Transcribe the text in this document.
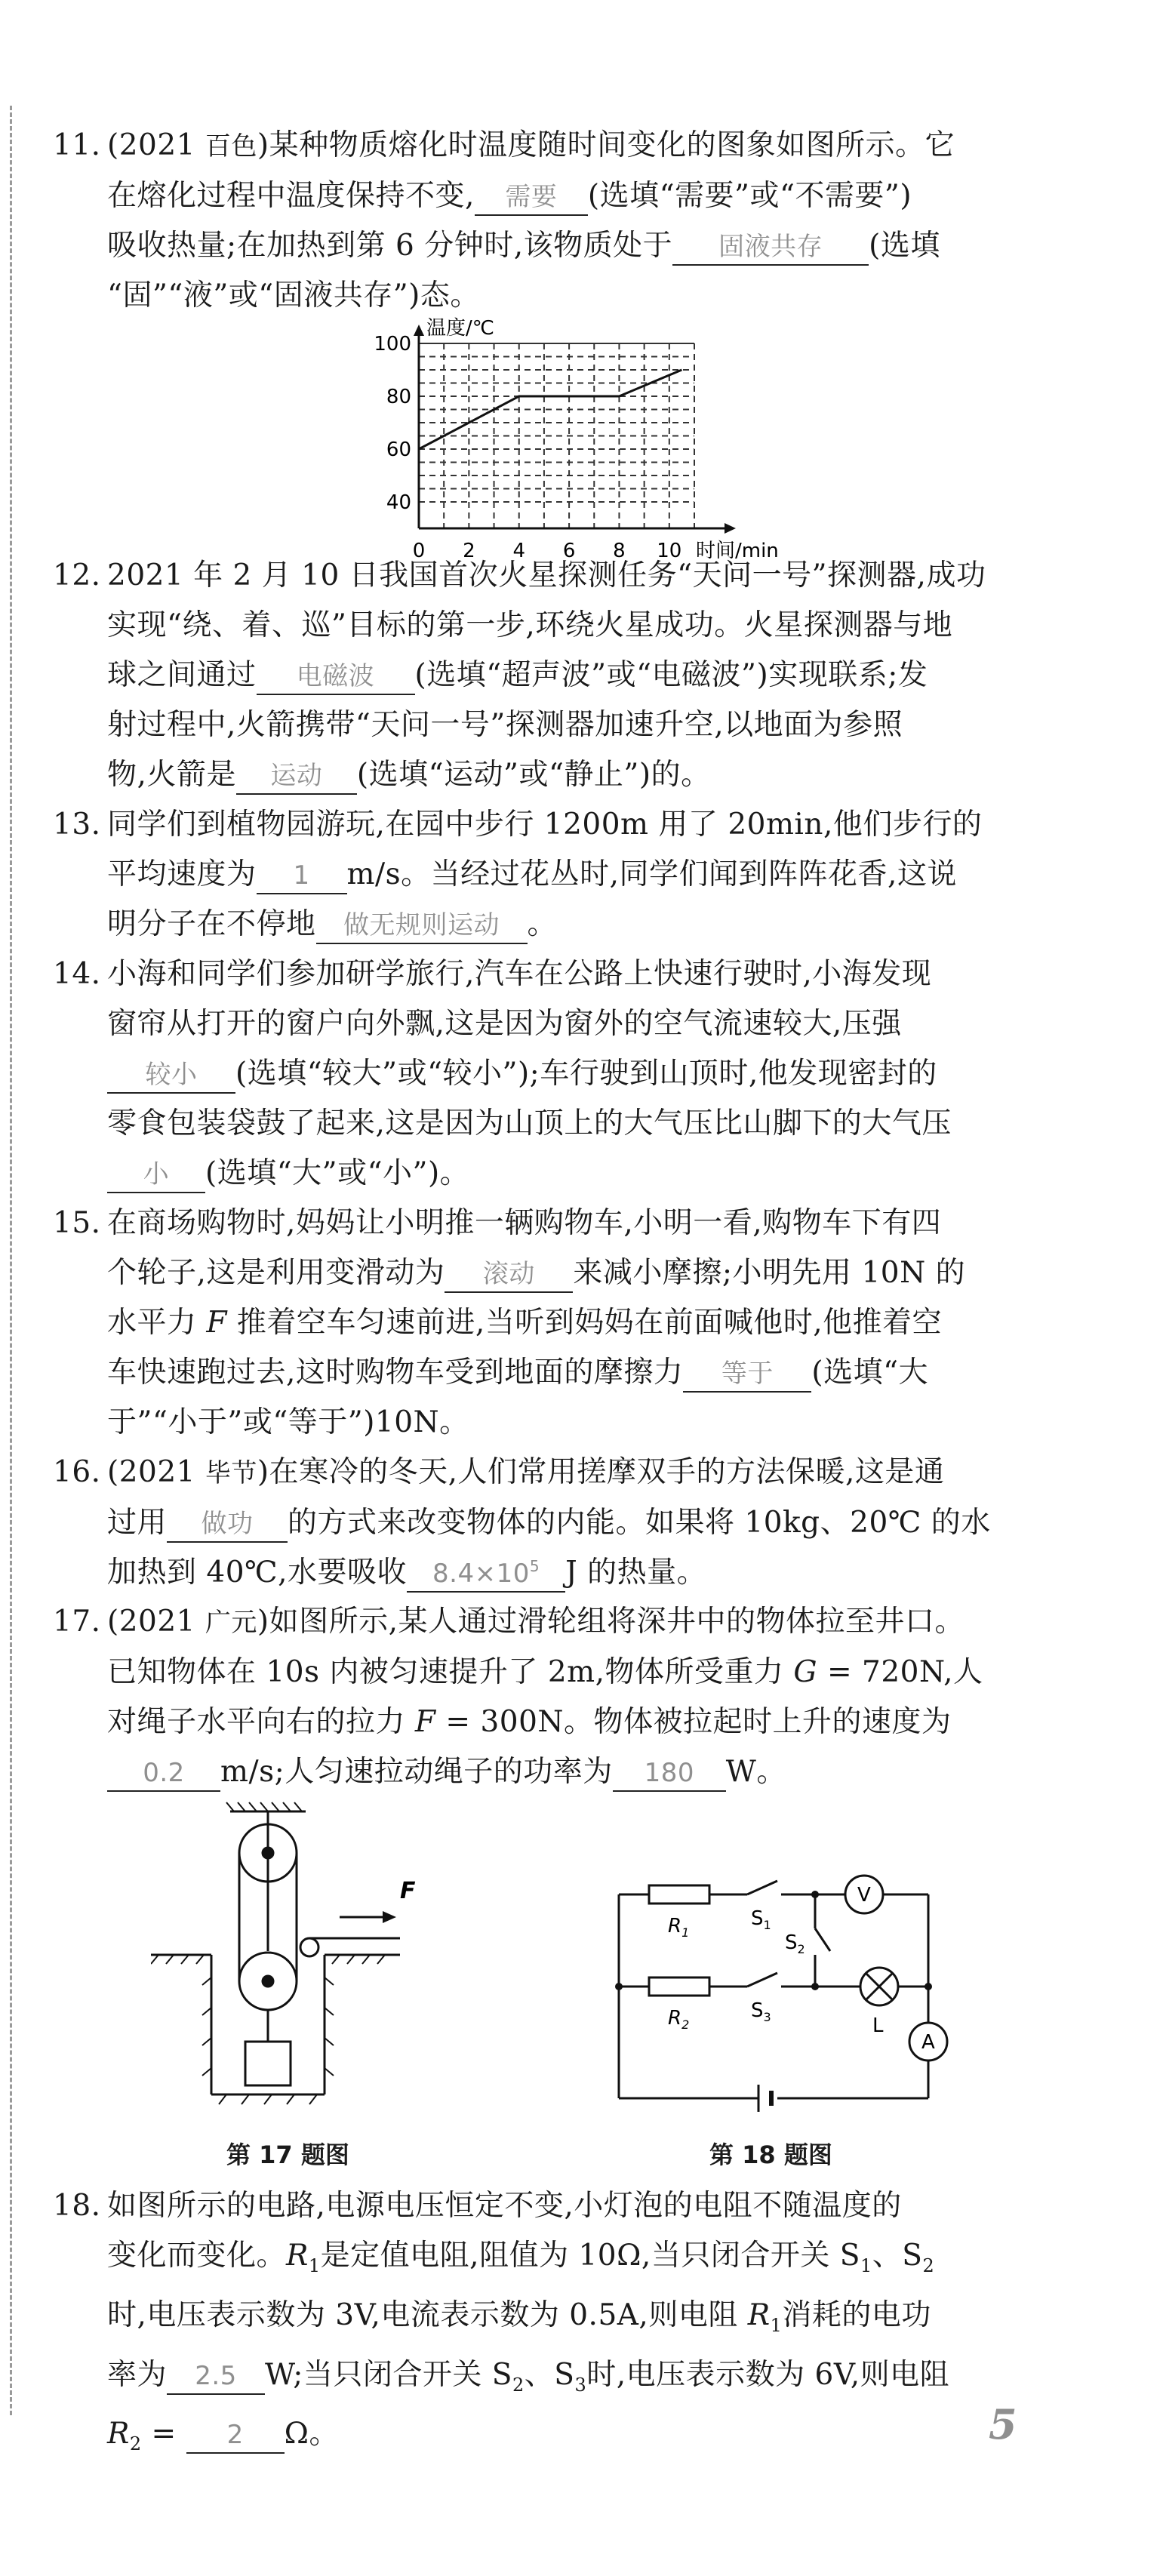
11. (2021 百色)某种物质熔化时温度随时间变化的图象如图所示。它
在熔化过程中温度保持不变, 需要 (选填“需要”或“不需要”)
吸收热量;在加热到第 6 分钟时,该物质处于 固液共存 (选填
“固”“液”或“固液共存”)态。
0 2 4 6 8 10
40
60
80
100
温度/℃
时间/min
12. 2021 年 2 月 10 日我国首次火星探测任务“天问一号”探测器,成功
实现“绕、着、巡”目标的第一步,环绕火星成功。火星探测器与地
球之间通过 电磁波 (选填“超声波”或“电磁波”)实现联系;发
射过程中,火箭携带“天问一号”探测器加速升空,以地面为参照
物,火箭是 运动 (选填“运动”或“静止”)的。
13. 同学们到植物园游玩,在园中步行 1200m 用了 20min,他们步行的
平均速度为 1 m/s。当经过花丛时,同学们闻到阵阵花香,这说
明分子在不停地 做无规则运动 。
14. 小海和同学们参加研学旅行,汽车在公路上快速行驶时,小海发现
窗帘从打开的窗户向外飘,这是因为窗外的空气流速较大,压强
较小 (选填“较大”或“较小”);车行驶到山顶时,他发现密封的
零食包装袋鼓了起来,这是因为山顶上的大气压比山脚下的大气压
小 (选填“大”或“小”)。
15. 在商场购物时,妈妈让小明推一辆购物车,小明一看,购物车下有四
个轮子,这是利用变滑动为 滚动 来减小摩擦;小明先用 10N 的
水平力 F 推着空车匀速前进,当听到妈妈在前面喊他时,他推着空
车快速跑过去,这时购物车受到地面的摩擦力 等于 (选填“大
于”“小于”或“等于”)10N。
16. (2021 毕节)在寒冷的冬天,人们常用搓摩双手的方法保暖,这是通
过用 做功 的方式来改变物体的内能。如果将 10kg、20℃ 的水
加热到 40℃,水要吸收 $8.4\times 10^5$ J 的热量。
17. (2021 广元)如图所示,某人通过滑轮组将深井中的物体拉至井口。
已知物体在 10s 内被匀速提升了 2m,物体所受重力 G = 720N,人
对绳子水平向右的拉力 F = 300N。物体被拉起时上升的速度为
0.2 m/s;人匀速拉动绳子的功率为 180 W。
F
第 17 题图
$R_1$
$R_2$
$S_1$
$S_2$
$S_3$
V
A
L
第 18 题图
18. 如图所示的电路,电源电压恒定不变,小灯泡的电阻不随温度的
变化而变化。$R_1$是定值电阻,阻值为 10Ω,当只闭合开关 $S_1$、$S_2$
时,电压表示数为 3V,电流表示数为 0.5A,则电阻 $R_1$消耗的电功
率为 2.5 W;当只闭合开关 $S_2$、$S_3$时,电压表示数为 6V,则电阻
$R_2 = 2$ Ω。	5
